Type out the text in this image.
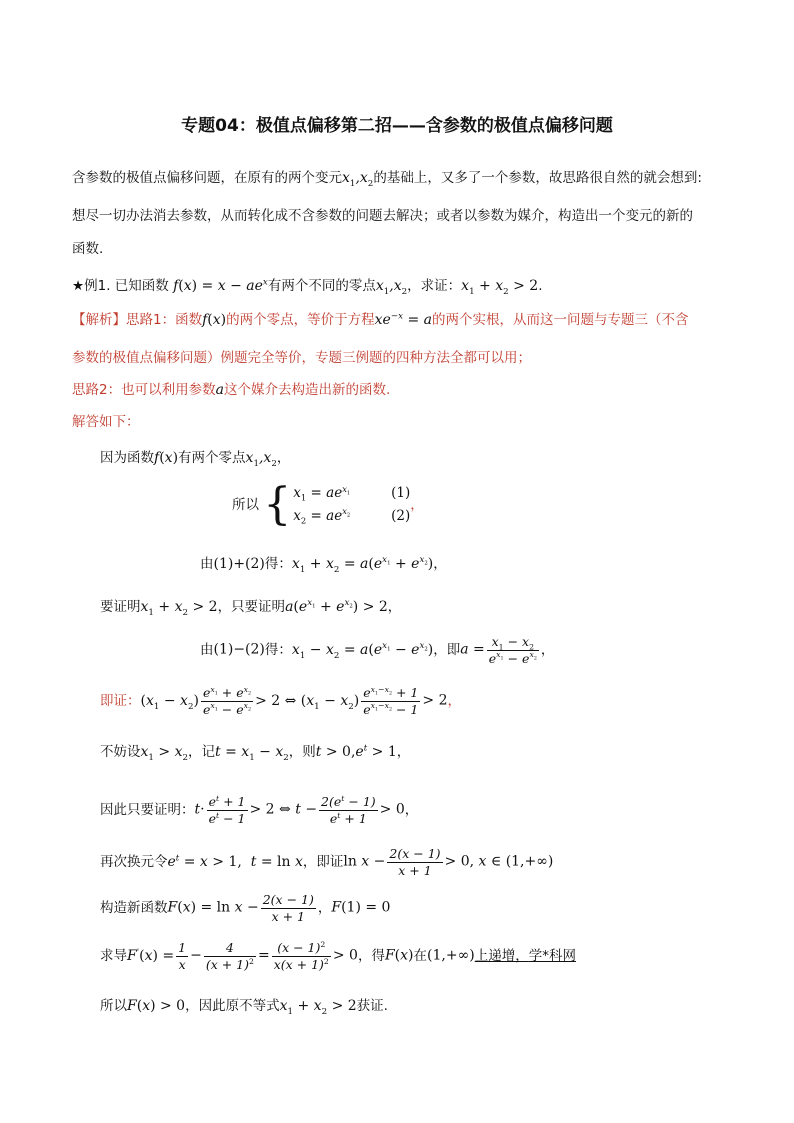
专题04：极值点偏移第二招——含参数的极值点偏移问题
含参数的极值点偏移问题，在原有的两个变元$x_1,x_2$的基础上，又多了一个参数，故思路很自然的就会想到:
想尽一切办法消去参数，从而转化成不含参数的问题去解决；或者以参数为媒介，构造出一个变元的新的
函数.
★例1. 已知函数 $f(x) = x - ae^x$有两个不同的零点$x_1,x_2$，求证：$x_1 + x_2 > 2$.
【解析】思路1：函数f(x)的两个零点，等价于方程$xe^{-x} = a$的两个实根，从而这一问题与专题三（不含
参数的极值点偏移问题）例题完全等价，专题三例题的四种方法全都可以用；
思路2：也可以利用参数a这个媒介去构造出新的函数.
解答如下：
因为函数f(x)有两个零点$x_1,x_2$，
所以 { $x_1 = ae^{x_1}$	(1)
$x_2 = ae^{x_2}$	(2)
，
由(1)+(2)得：$x_1 + x_2 = a(e^{x_1} + e^{x_2})$，
要证明$x_1 + x_2 > 2$，只要证明$a(e^{x_1} + e^{x_2}) > 2$，
由(1)−(2)得：$x_1 - x_2 = a(e^{x_1} - e^{x_2})$，即$a = \frac{x_1 - x_2}{e^{x_1} - e^{x_2}}$ ，
即证：$(x_1 - x_2) \frac{e^{x_1} + e^{x_2}}{e^{x_1} - e^{x_2}} > 2$ ⇔ $(x_1 - x_2) \frac{e^{x_1-x_2} + 1}{e^{x_1-x_2} - 1} > 2$，
不妨设$x_1 > x_2$，记$t = x_1 - x_2$，则$t > 0,e^t > 1$，
因此只要证明：$t\cdot \frac{e^t + 1}{e^t - 1} > 2$ ⇔ $t - \frac{2(e^t - 1)}{e^t + 1} > 0$，
再次换元令$e^t = x > 1$,  t = ln x，即证$\ln x - \frac{2(x - 1)}{x + 1} > 0$, x ∈ (1,+∞)
构造新函数$F(x) = \ln x - \frac{2(x - 1)}{x + 1}$ ，F(1) = 0
求导$F'(x) = \frac{1}{x} - \frac{4}{(x + 1)^2} = \frac{(x - 1)^2}{x(x + 1)^2} > 0$，得F(x)在(1,+∞)上递增，学*科网
所以F(x) > 0，因此原不等式$x_1 + x_2 > 2$获证.
